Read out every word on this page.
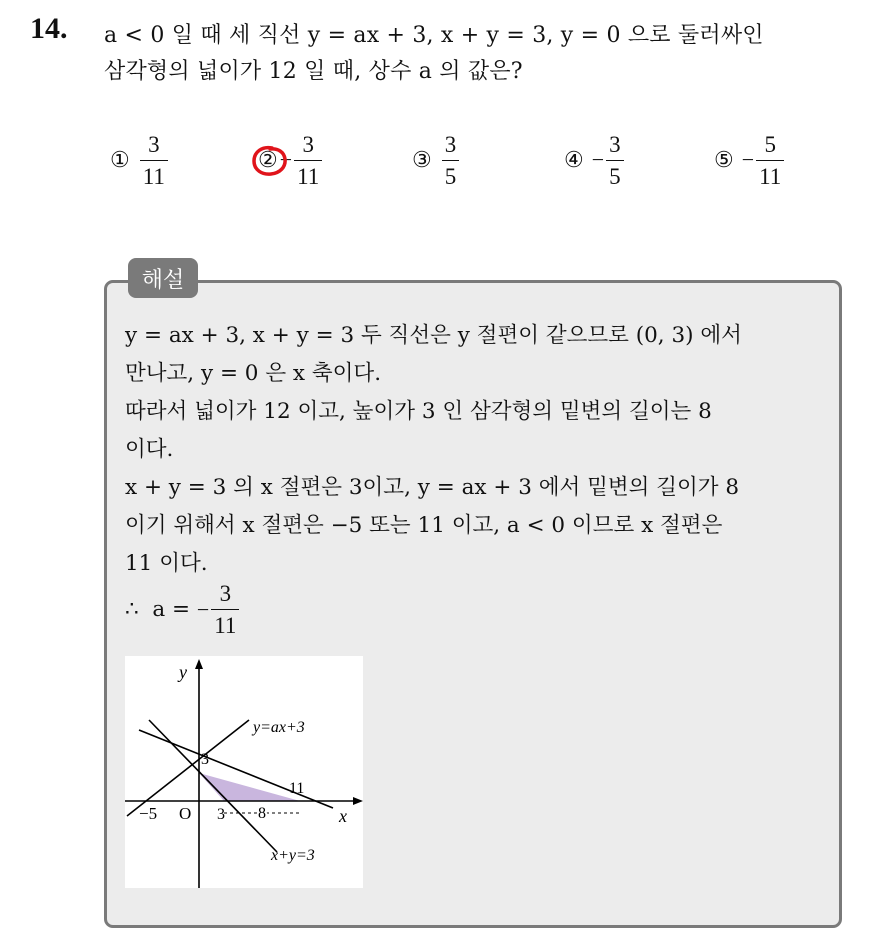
14. a < 0 일 때 세 직선 y = ax + 3, x + y = 3, y = 0 으로 둘러싸인
삼각형의 넓이가 12 일 때, 상수 a 의 값은?
① $\frac{3}{11}$	② − $\frac{3}{11}$	③ $\frac{3}{5}$	④ − $\frac{3}{5}$	⑤ − $\frac{5}{11}$
해설
y = ax + 3, x + y = 3 두 직선은 y 절편이 같으므로 (0, 3) 에서
만나고, y = 0 은 x 축이다.
따라서 넓이가 12 이고, 높이가 3 인 삼각형의 밑변의 길이는 8
이다.
x + y = 3 의 x 절편은 3이고, y = ax + 3 에서 밑변의 길이가 8
이기 위해서 x 절편은 −5 또는 11 이고, a < 0 이므로 x 절편은
11 이다.
∴  a = − $\frac{3}{11}$
y
x
O
−5
3
3 8
11
y=ax+3
x+y=3
